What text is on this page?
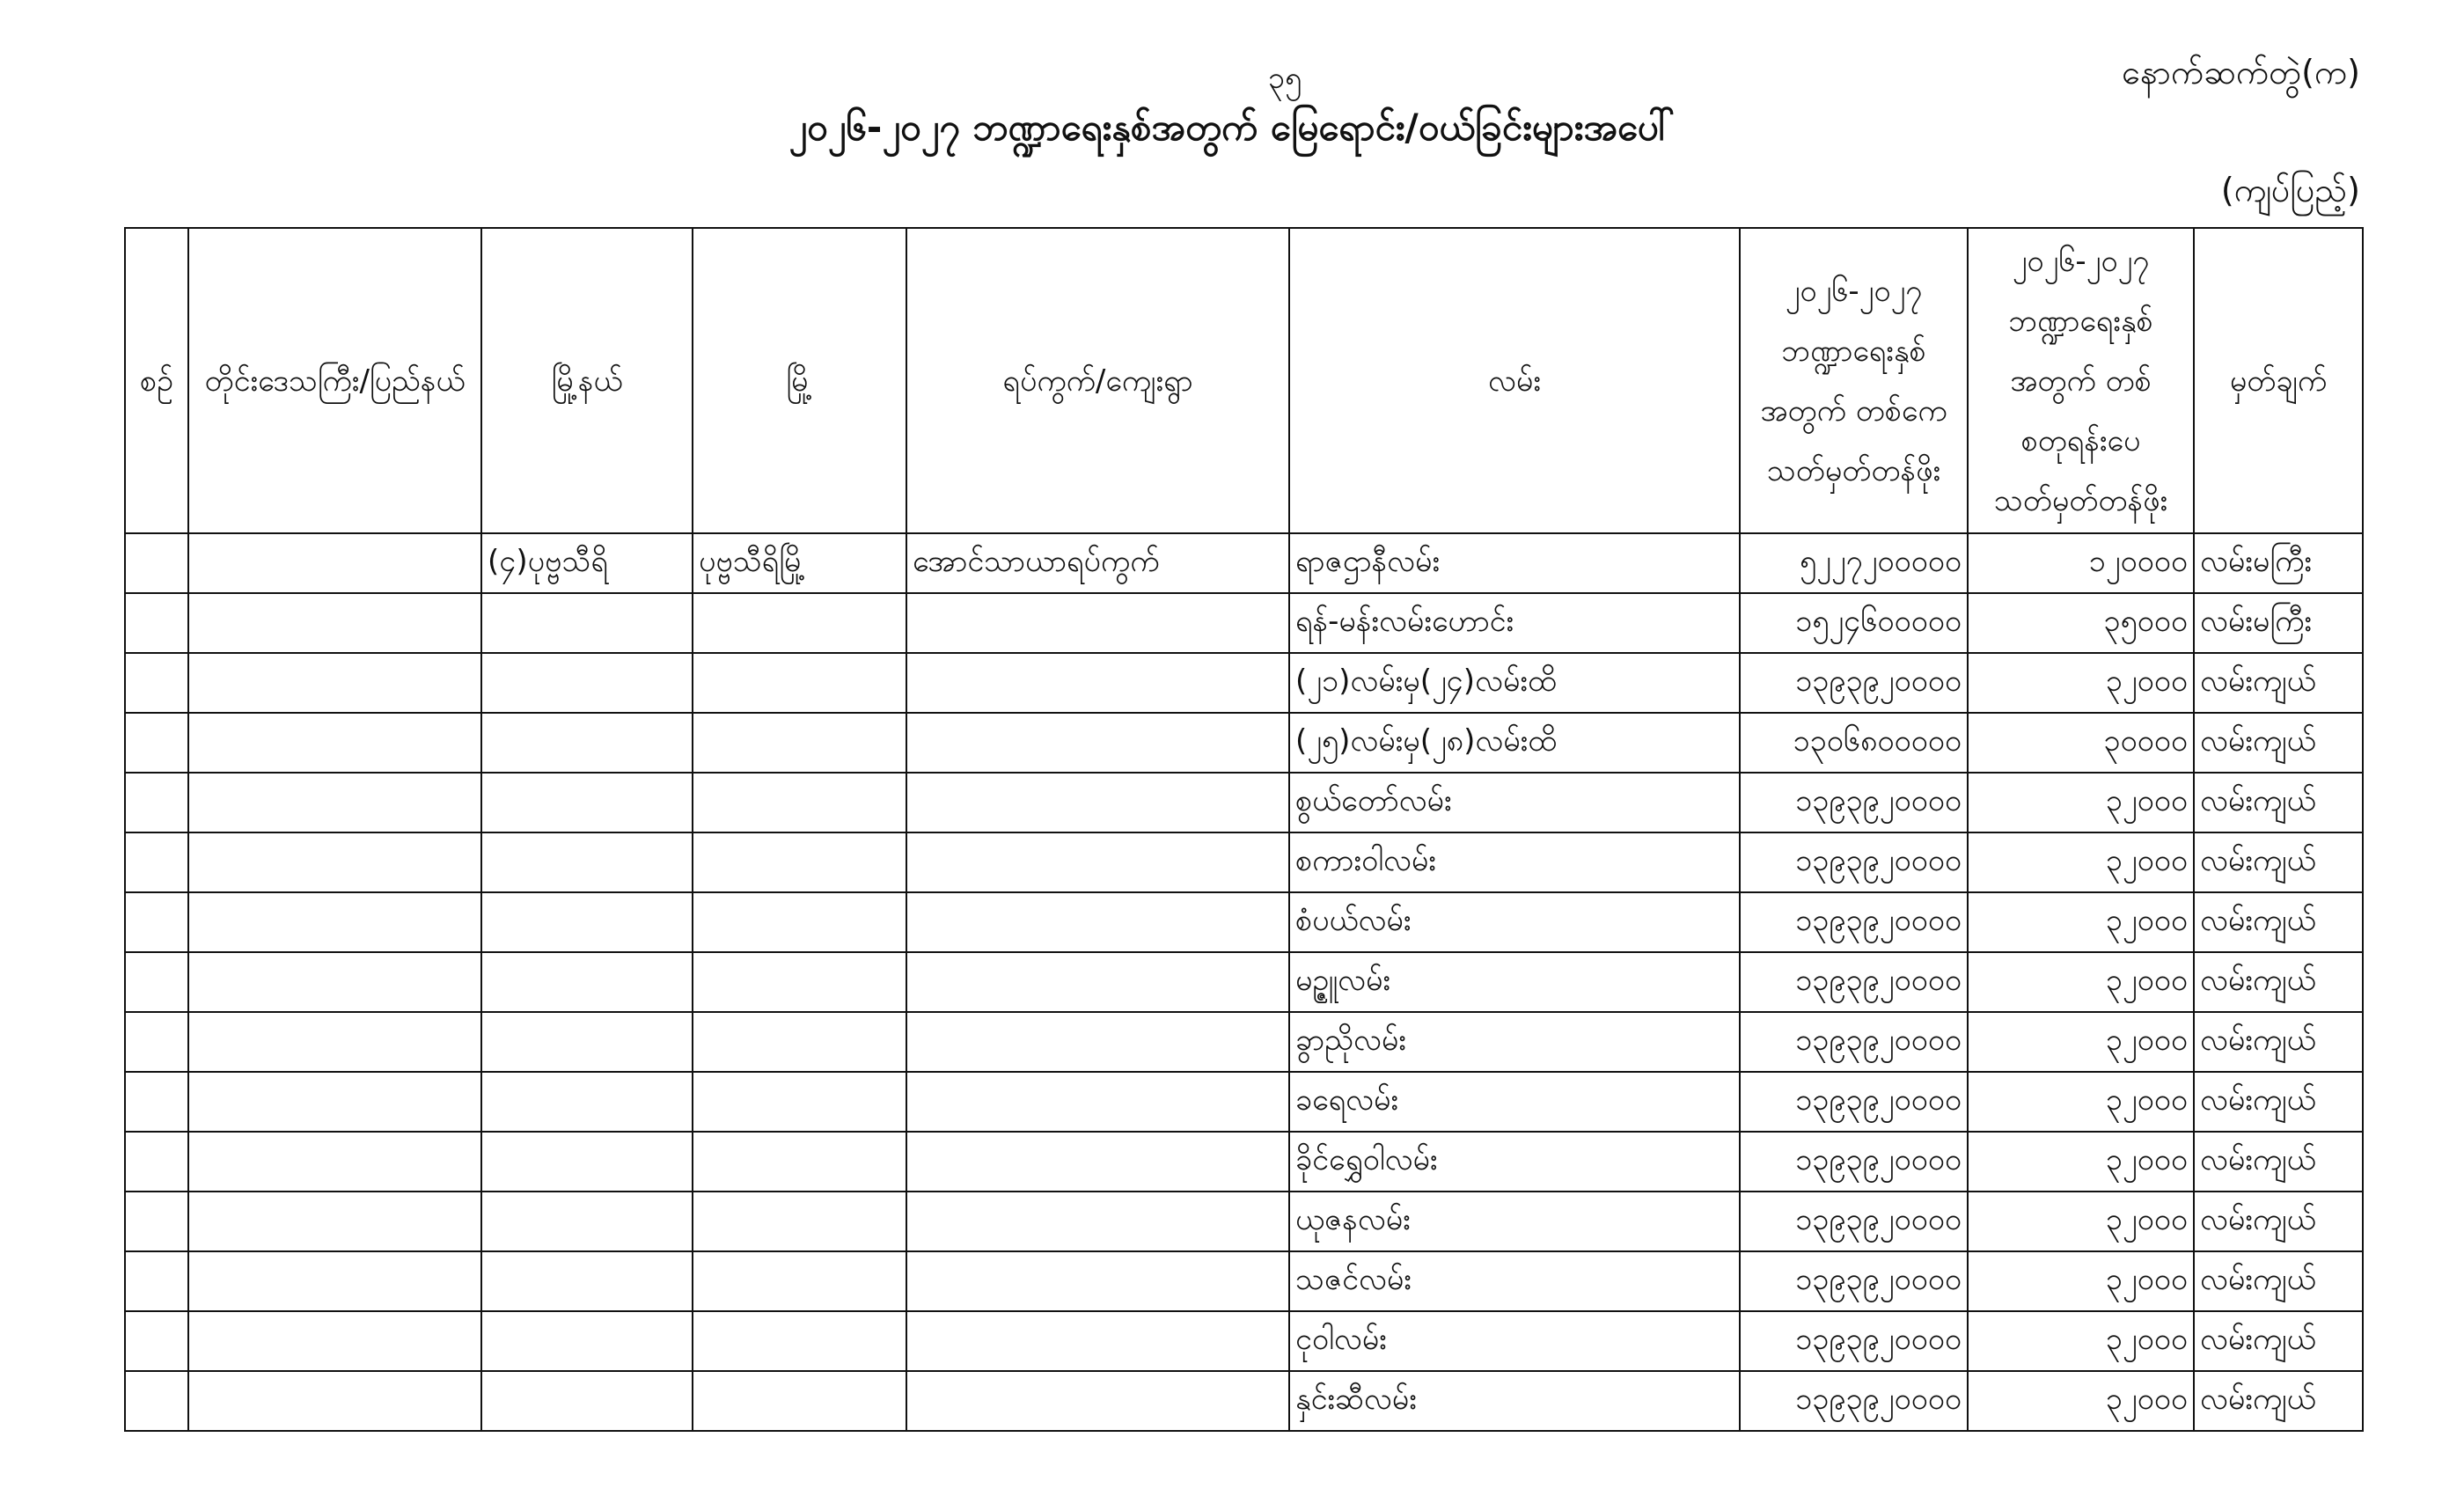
၃၅	နောက်ဆက်တွဲ(က)
၂၀၂၆-၂၀၂၇ ဘဏ္ဍာရေးနှစ်အတွက် မြေရောင်း/ဝယ်ခြင်းများအပေါ်
(ကျပ်ပြည့်)
စဉ်	တိုင်းဒေသကြီး/ပြည်နယ်	မြို့နယ်	မြို့	ရပ်ကွက်/ကျေးရွာ	လမ်း	၂၀၂၆-၂၀၂၇ ဘဏ္ဍာရေးနှစ် အတွက် တစ်ကေ သတ်မှတ်တန်ဖိုး	၂၀၂၆-၂၀၂၇ ဘဏ္ဍာရေးနှစ် အတွက် တစ်စတုရန်းပေ သတ်မှတ်တန်ဖိုး	မှတ်ချက်
		(၄)ပုဗ္ဗသီရိ	ပုဗ္ဗသီရိမြို့	အောင်သာယာရပ်ကွက်	ရာဇဌာနီလမ်း	၅၂၂၇၂၀၀၀၀၀	၁၂၀၀၀၀	လမ်းမကြီး
					ရန်-မန်းလမ်းဟောင်း	၁၅၂၄၆၀၀၀၀၀	၃၅၀၀၀	လမ်းမကြီး
					(၂၁)လမ်းမှ(၂၄)လမ်းထိ	၁၃၉၃၉၂၀၀၀၀	၃၂၀၀၀	လမ်းကျယ်
					(၂၅)လမ်းမှ(၂၈)လမ်းထိ	၁၃၀၆၈၀၀၀၀၀	၃၀၀၀၀	လမ်းကျယ်
					စွယ်တော်လမ်း	၁၃၉၃၉၂၀၀၀၀	၃၂၀၀၀	လမ်းကျယ်
					စကားဝါလမ်း	၁၃၉၃၉၂၀၀၀၀	၃၂၀၀၀	လမ်းကျယ်
					စံပယ်လမ်း	၁၃၉၃၉၂၀၀၀၀	၃၂၀၀၀	လမ်းကျယ်
					မဥ္ဇူလမ်း	၁၃၉၃၉၂၀၀၀၀	၃၂၀၀၀	လမ်းကျယ်
					ခွာညိုလမ်း	၁၃၉၃၉၂၀၀၀၀	၃၂၀၀၀	လမ်းကျယ်
					ခရေလမ်း	၁၃၉၃၉၂၀၀၀၀	၃၂၀၀၀	လမ်းကျယ်
					ခိုင်ရွှေဝါလမ်း	၁၃၉၃၉၂၀၀၀၀	၃၂၀၀၀	လမ်းကျယ်
					ယုဇနလမ်း	၁၃၉၃၉၂၀၀၀၀	၃၂၀၀၀	လမ်းကျယ်
					သဇင်လမ်း	၁၃၉၃၉၂၀၀၀၀	၃၂၀၀၀	လမ်းကျယ်
					ငုဝါလမ်း	၁၃၉၃၉၂၀၀၀၀	၃၂၀၀၀	လမ်းကျယ်
					နှင်းဆီလမ်း	၁၃၉၃၉၂၀၀၀၀	၃၂၀၀၀	လမ်းကျယ်
